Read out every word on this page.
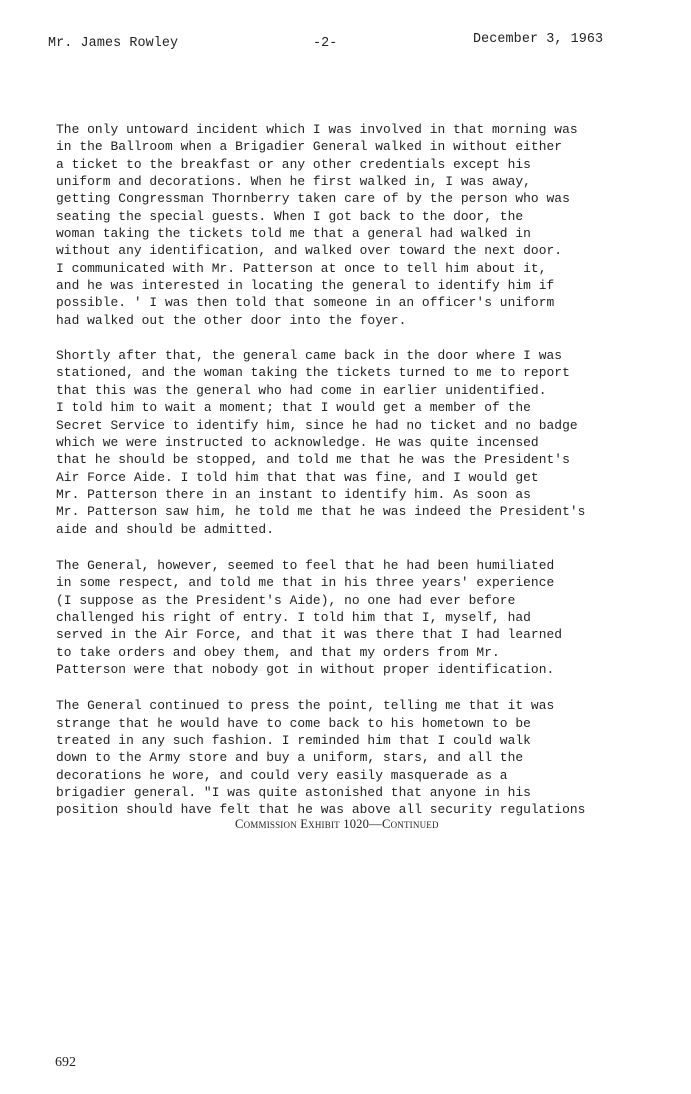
Mr. James Rowley	-2-	December 3, 1963
The only untoward incident which I was involved in that morning was
in the Ballroom when a Brigadier General walked in without either
a ticket to the breakfast or any other credentials except his
uniform and decorations. When he first walked in, I was away,
getting Congressman Thornberry taken care of by the person who was
seating the special guests. When I got back to the door, the
woman taking the tickets told me that a general had walked in
without any identification, and walked over toward the next door.
I communicated with Mr. Patterson at once to tell him about it,
and he was interested in locating the general to identify him if
possible. ' I was then told that someone in an officer's uniform
had walked out the other door into the foyer.
Shortly after that, the general came back in the door where I was
stationed, and the woman taking the tickets turned to me to report
that this was the general who had come in earlier unidentified.
I told him to wait a moment; that I would get a member of the
Secret Service to identify him, since he had no ticket and no badge
which we were instructed to acknowledge. He was quite incensed
that he should be stopped, and told me that he was the President's
Air Force Aide. I told him that that was fine, and I would get
Mr. Patterson there in an instant to identify him. As soon as
Mr. Patterson saw him, he told me that he was indeed the President's
aide and should be admitted.
The General, however, seemed to feel that he had been humiliated
in some respect, and told me that in his three years' experience
(I suppose as the President's Aide), no one had ever before
challenged his right of entry. I told him that I, myself, had
served in the Air Force, and that it was there that I had learned
to take orders and obey them, and that my orders from Mr.
Patterson were that nobody got in without proper identification.
The General continued to press the point, telling me that it was
strange that he would have to come back to his hometown to be
treated in any such fashion. I reminded him that I could walk
down to the Army store and buy a uniform, stars, and all the
decorations he wore, and could very easily masquerade as a
brigadier general. "I was quite astonished that anyone in his
position should have felt that he was above all security regulations
Commission Exhibit 1020—Continued
692
